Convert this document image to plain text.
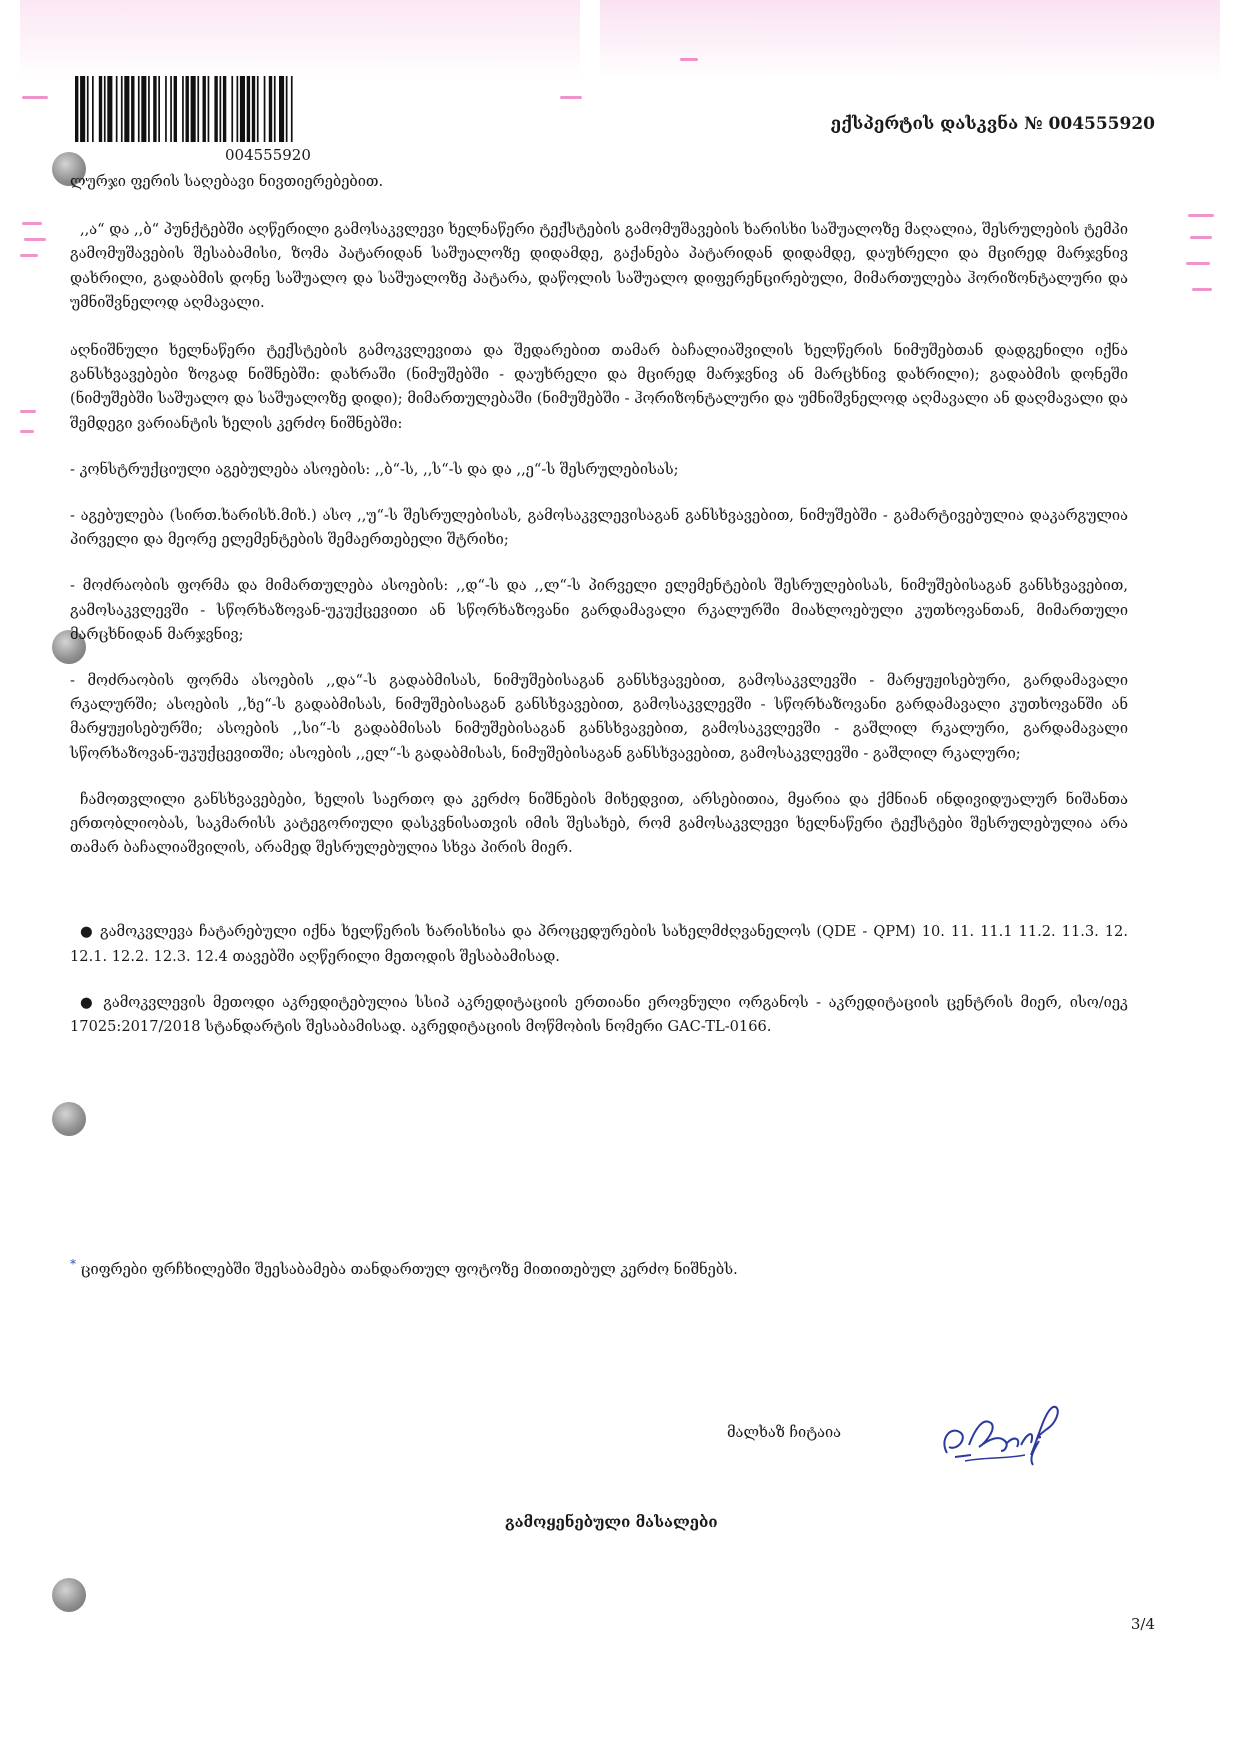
004555920
ექსპერტის დასკვნა № 004555920

ლურჯი ფერის საღებავი ნივთიერებებით.

,,ა“ და ,,ბ“ პუნქტებში აღწერილი გამოსაკვლევი ხელნაწერი ტექსტების გამომუშავების ხარისხი საშუალოზე მაღალია, შესრულების ტემპი გამომუშავების შესაბამისი, ზომა პატარიდან საშუალოზე დიდამდე, გაქანება პატარიდან დიდამდე, დაუხრელი და მცირედ მარჯვნივ დახრილი, გადაბმის დონე საშუალო და საშუალოზე პატარა, დაწოლის საშუალო დიფერენცირებული, მიმართულება ჰორიზონტალური და უმნიშვნელოდ აღმავალი.

აღნიშნული ხელნაწერი ტექსტების გამოკვლევითა და შედარებით თამარ ბაჩალიაშვილის ხელწერის ნიმუშებთან დადგენილი იქნა განსხვავებები ზოგად ნიშნებში: დახრაში (ნიმუშებში - დაუხრელი და მცირედ მარჯვნივ ან მარცხნივ დახრილი); გადაბმის დონეში (ნიმუშებში საშუალო და საშუალოზე დიდი); მიმართულებაში (ნიმუშებში - ჰორიზონტალური და უმნიშვნელოდ აღმავალი ან დაღმავალი და შემდეგი ვარიანტის ხელის კერძო ნიშნებში:

- კონსტრუქციული აგებულება ასოების: ,,ბ“-ს, ,,ს“-ს და და ,,ე“-ს შესრულებისას;

- აგებულება (სირთ.ხარისხ.მიხ.) ასო ,,უ“-ს შესრულებისას, გამოსაკვლევისაგან განსხვავებით, ნიმუშებში - გამარტივებულია დაკარგულია პირველი და მეორე ელემენტების შემაერთებელი შტრიხი;

- მოძრაობის ფორმა და მიმართულება ასოების: ,,დ“-ს და ,,ლ“-ს პირველი ელემენტების შესრულებისას, ნიმუშებისაგან განსხვავებით, გამოსაკვლევში - სწორხაზოვან-უკუქცევითი ან სწორხაზოვანი გარდამავალი რკალურში მიახლოებული კუთხოვანთან, მიმართული მარცხნიდან მარჯვნივ;

- მოძრაობის ფორმა ასოების ,,და“-ს გადაბმისას, ნიმუშებისაგან განსხვავებით, გამოსაკვლევში - მარყუჟისებური, გარდამავალი რკალურში; ასოების ,,ხე“-ს გადაბმისას, ნიმუშებისაგან განსხვავებით, გამოსაკვლევში - სწორხაზოვანი გარდამავალი კუთხოვანში ან მარყუჟისებურში; ასოების ,,სი“-ს გადაბმისას ნიმუშებისაგან განსხვავებით, გამოსაკვლევში - გაშლილ რკალური, გარდამავალი სწორხაზოვან-უკუქცევითში; ასოების ,,ელ“-ს გადაბმისას, ნიმუშებისაგან განსხვავებით, გამოსაკვლევში - გაშლილ რკალური;

ჩამოთვლილი განსხვავებები, ხელის საერთო და კერძო ნიშნების მიხედვით, არსებითია, მყარია და ქმნიან ინდივიდუალურ ნიშანთა ერთობლიობას, საკმარისს კატეგორიული დასკვნისათვის იმის შესახებ, რომ გამოსაკვლევი ხელნაწერი ტექსტები შესრულებულია არა თამარ ბაჩალიაშვილის, არამედ შესრულებულია სხვა პირის მიერ.

● გამოკვლევა ჩატარებული იქნა ხელწერის ხარისხისა და პროცედურების სახელმძღვანელოს (QDE - QPM) 10. 11. 11.1 11.2. 11.3. 12. 12.1. 12.2. 12.3. 12.4 თავებში აღწერილი მეთოდის შესაბამისად.

● გამოკვლევის მეთოდი აკრედიტებულია სსიპ აკრედიტაციის ერთიანი ეროვნული ორგანოს - აკრედიტაციის ცენტრის მიერ, ისო/იეკ 17025:2017/2018 სტანდარტის შესაბამისად. აკრედიტაციის მოწმობის ნომერი GAC-TL-0166.

* ციფრები ფრჩხილებში შეესაბამება თანდართულ ფოტოზე მითითებულ კერძო ნიშნებს.
მალხაზ ჩიტაია
გამოყენებული მასალები
3/4
